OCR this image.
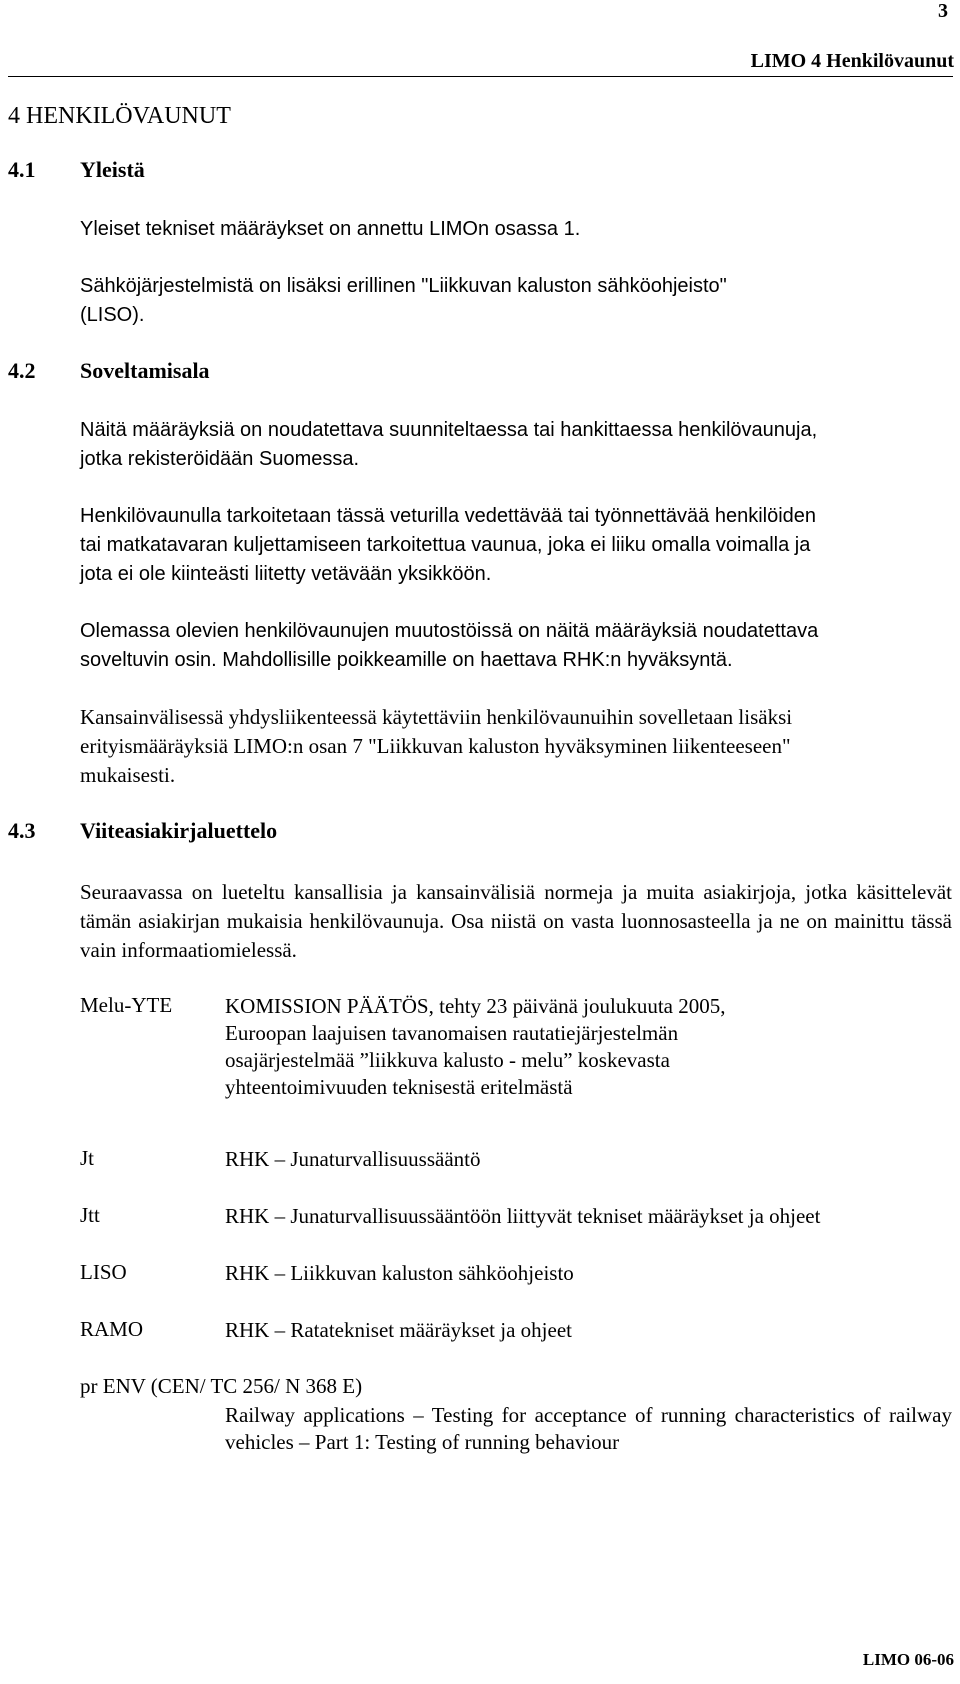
3
LIMO 4 Henkilövaunut
4 HENKILÖVAUNUT
4.1 Yleistä
Yleiset tekniset määräykset on annettu LIMOn osassa 1.
Sähköjärjestelmistä on lisäksi erillinen "Liikkuvan kaluston sähköohjeisto"
(LISO).
4.2 Soveltamisala
Näitä määräyksiä on noudatettava suunniteltaessa tai hankittaessa henkilövaunuja,
jotka rekisteröidään Suomessa.
Henkilövaunulla tarkoitetaan tässä veturilla vedettävää tai työnnettävää henkilöiden
tai matkatavaran kuljettamiseen tarkoitettua vaunua, joka ei liiku omalla voimalla ja
jota ei ole kiinteästi liitetty vetävään yksikköön.
Olemassa olevien henkilövaunujen muutostöissä on näitä määräyksiä noudatettava
soveltuvin osin. Mahdollisille poikkeamille on haettava RHK:n hyväksyntä.
Kansainvälisessä yhdysliikenteessä käytettäviin henkilövaunuihin sovelletaan lisäksi
erityismääräyksiä LIMO:n osan 7 "Liikkuvan kaluston hyväksyminen liikenteeseen"
mukaisesti.
4.3 Viiteasiakirjaluettelo
Seuraavassa on lueteltu kansallisia ja kansainvälisiä normeja ja muita asiakirjoja, jotka käsittelevät tämän asiakirjan mukaisia henkilövaunuja. Osa niistä on vasta luonnosasteella ja ne on mainittu tässä vain informaatiomielessä.
Melu-YTE	KOMISSION PÄÄTÖS, tehty 23 päivänä joulukuuta 2005,
Euroopan laajuisen tavanomaisen rautatiejärjestelmän
osajärjestelmää ”liikkuva kalusto - melu” koskevasta
yhteentoimivuuden teknisestä eritelmästä
Jt	RHK – Junaturvallisuussääntö
Jtt	RHK – Junaturvallisuussääntöön liittyvät tekniset määräykset ja ohjeet
LISO	RHK – Liikkuvan kaluston sähköohjeisto
RAMO	RHK – Ratatekniset määräykset ja ohjeet
pr ENV (CEN/ TC 256/ N 368 E)
Railway applications – Testing for acceptance of running characteristics of railway vehicles – Part 1: Testing of running behaviour
LIMO 06-06
